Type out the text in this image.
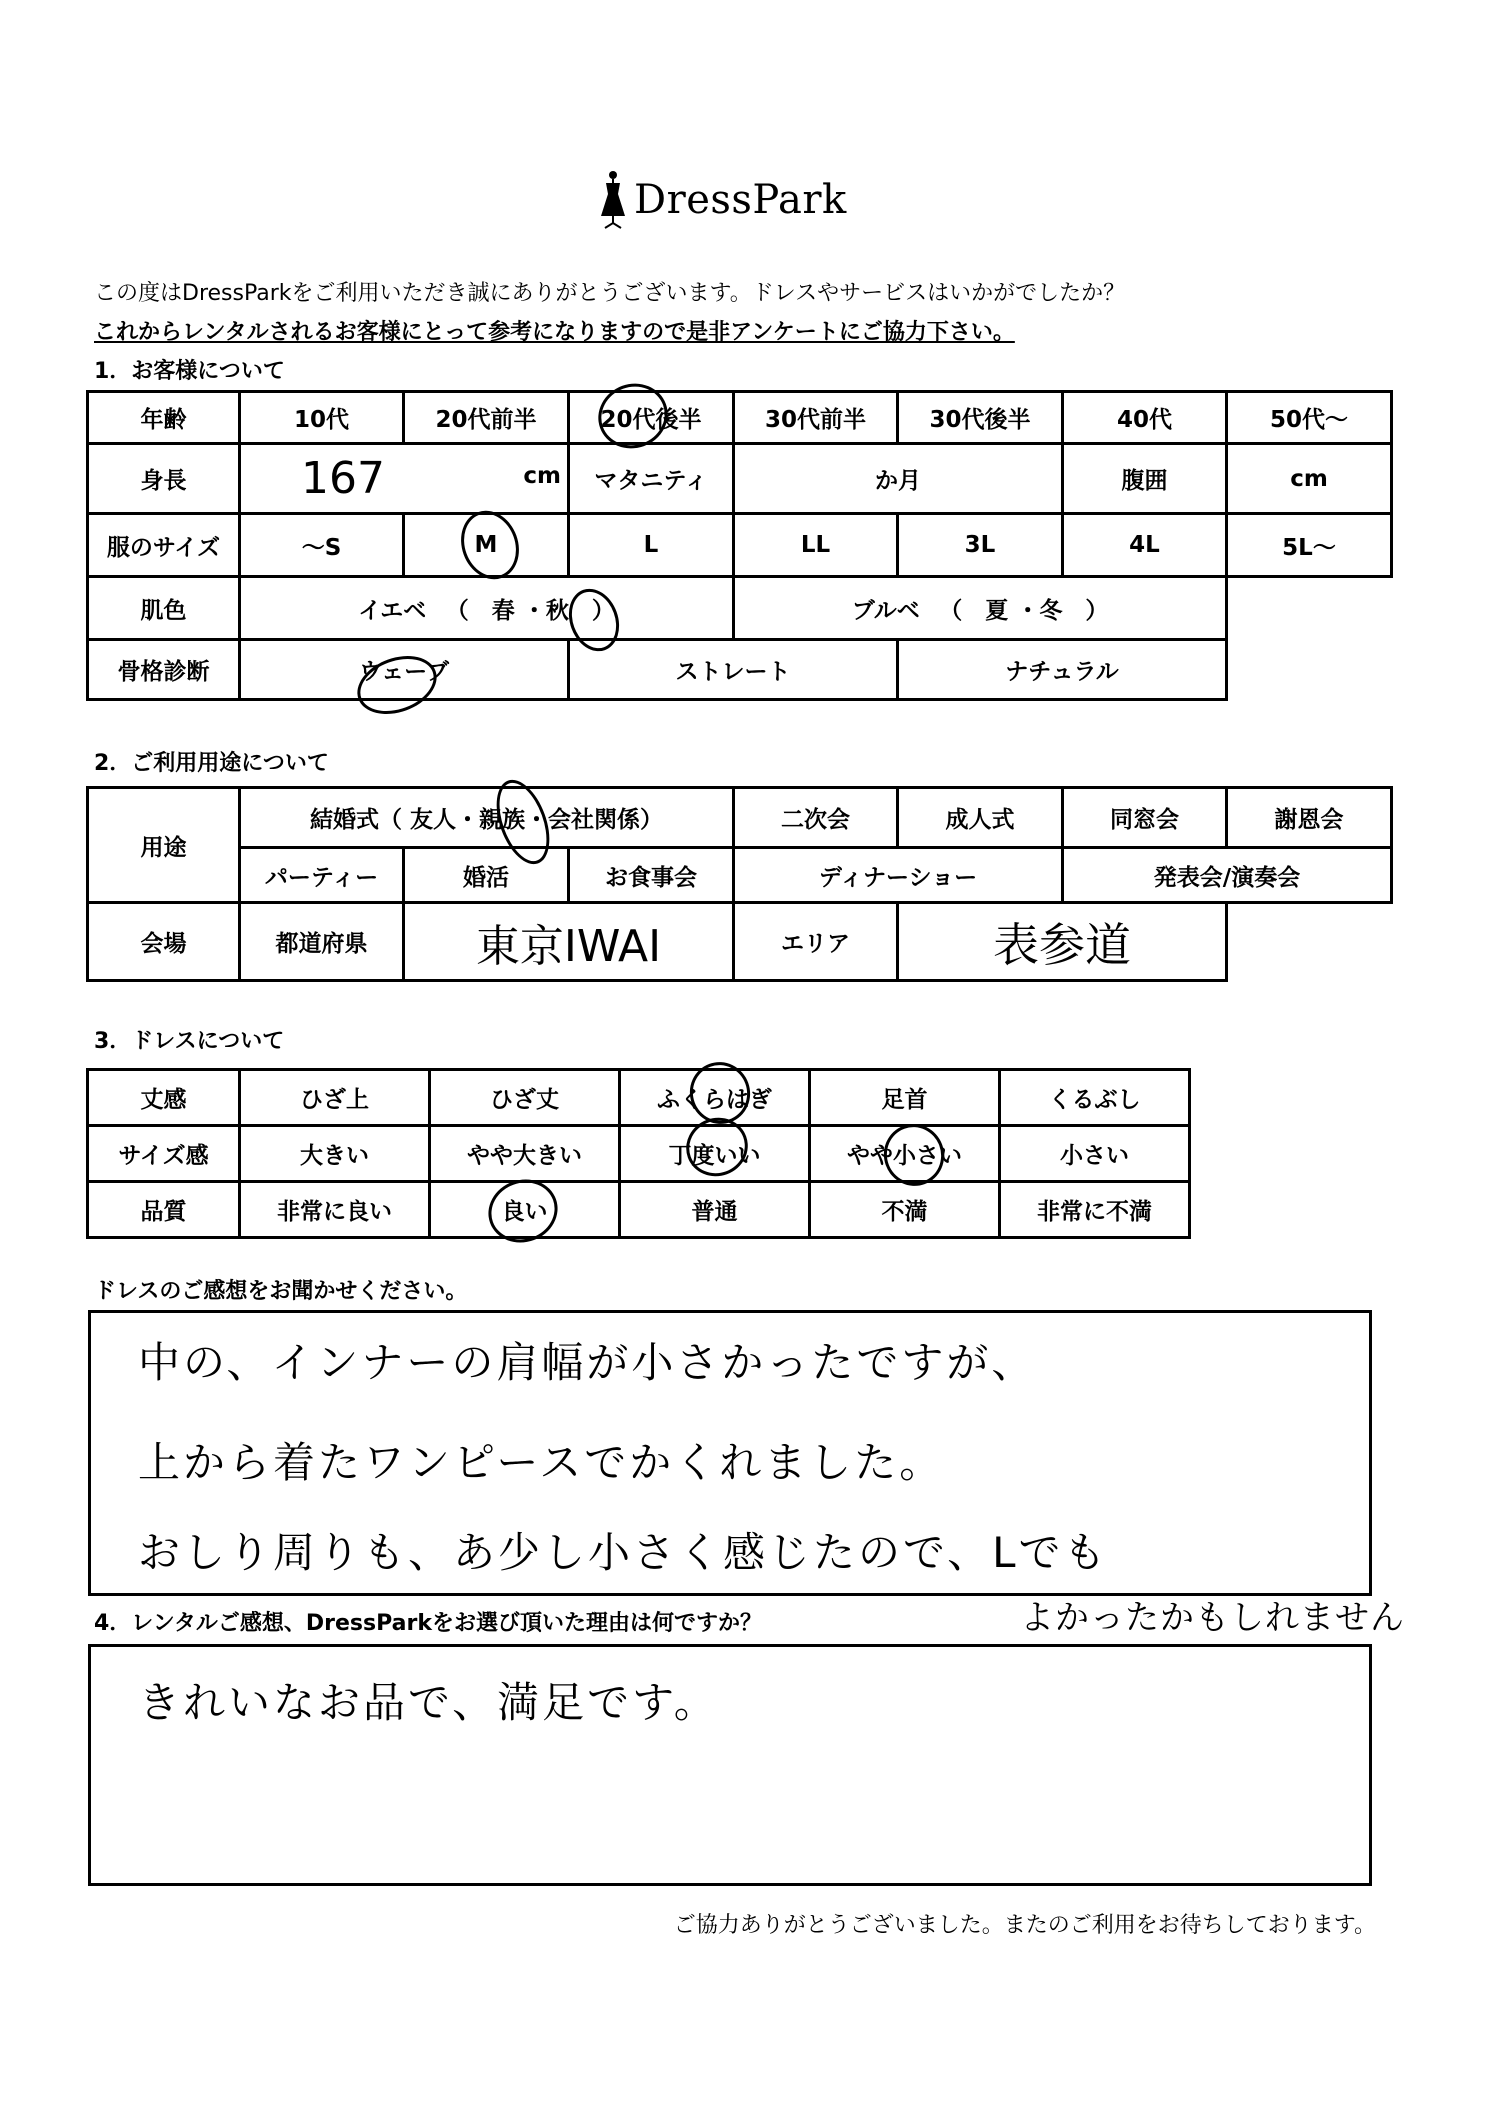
DressPark
この度はDressParkをご利用いただき誠にありがとうございます。ドレスやサービスはいかがでしたか？
これからレンタルされるお客様にとって参考になりますので是非アンケートにご協力下さい。
1．お客様について
年齢	10代	20代前半	20代後半	30代前半	30代後半	40代	50代～
身長	167 cm		マタニティ	か月		腹囲	cm
服のサイズ	～S	M	L	LL	3L	4L	5L～
肌色	イエベ 　（　春 ・秋　）			ブルベ 　（　夏 ・冬　）			
骨格診断	ウェーブ		ストレート		ナチュラル		
2．ご利用用途について
用途	結婚式（ 友人・親族・会社関係）			二次会	成人式	同窓会	謝恩会
	パーティー	婚活	お食事会	ディナーショー		発表会/演奏会	
会場	都道府県	東京IWAI		エリア	表参道		
3．ドレスについて
丈感	ひざ上	ひざ丈	ふくらはぎ	足首	くるぶし
サイズ感	大きい	やや大きい	丁度いい	やや小さい	小さい
品質	非常に良い	良い	普通	不満	非常に不満
ドレスのご感想をお聞かせください。
中の、インナーの肩幅が小さかったですが、
上から着たワンピースでかくれました。
おしり周りも、あ少し小さく感じたので、Lでも
よかったかもしれません
4．レンタルご感想、DressParkをお選び頂いた理由は何ですか？
きれいなお品で、満足です。
ご協力ありがとうございました。またのご利用をお待ちしております。
